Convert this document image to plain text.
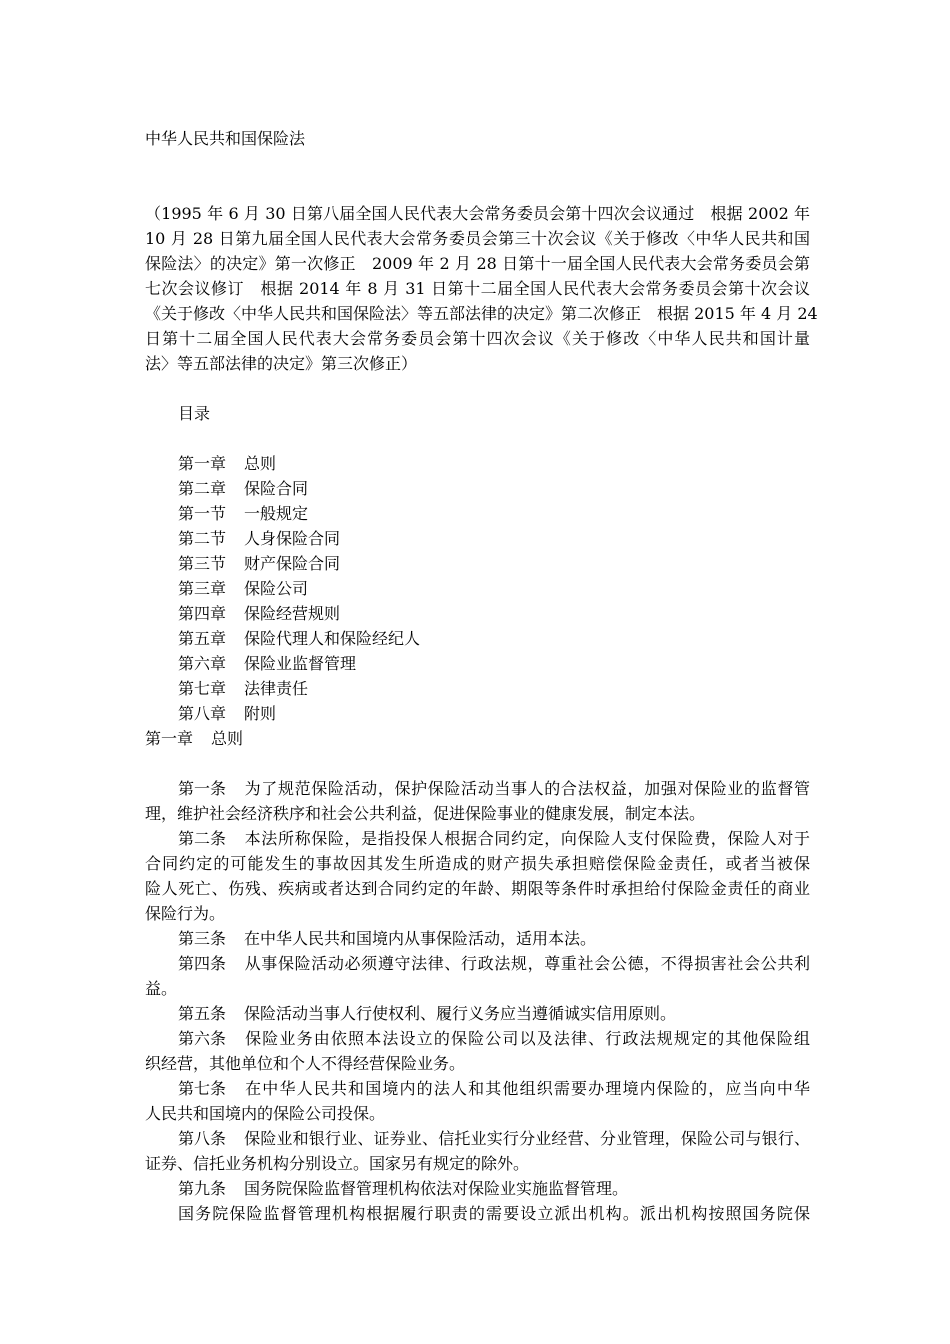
中华人民共和国保险法
（1995 年 6 月 30 日第八届全国人民代表大会常务委员会第十四次会议通过　根据 2002 年
10 月 28 日第九届全国人民代表大会常务委员会第三十次会议《关于修改〈中华人民共和国
保险法〉的决定》第一次修正　2009 年 2 月 28 日第十一届全国人民代表大会常务委员会第
七次会议修订　根据 2014 年 8 月 31 日第十二届全国人民代表大会常务委员会第十次会议
《关于修改〈中华人民共和国保险法〉等五部法律的决定》第二次修正　根据 2015 年 4 月 24
日第十二届全国人民代表大会常务委员会第十四次会议《关于修改〈中华人民共和国计量
法〉等五部法律的决定》第三次修正）
目录
第一章 总则
第二章 保险合同
第一节 一般规定
第二节 人身保险合同
第三节 财产保险合同
第三章 保险公司
第四章 保险经营规则
第五章 保险代理人和保险经纪人
第六章 保险业监督管理
第七章 法律责任
第八章 附则
第一章 总则
第一条 为了规范保险活动，保护保险活动当事人的合法权益，加强对保险业的监督管
理，维护社会经济秩序和社会公共利益，促进保险事业的健康发展，制定本法。
第二条 本法所称保险，是指投保人根据合同约定，向保险人支付保险费，保险人对于
合同约定的可能发生的事故因其发生所造成的财产损失承担赔偿保险金责任，或者当被保
险人死亡、伤残、疾病或者达到合同约定的年龄、期限等条件时承担给付保险金责任的商业
保险行为。
第三条 在中华人民共和国境内从事保险活动，适用本法。
第四条 从事保险活动必须遵守法律、行政法规，尊重社会公德，不得损害社会公共利
益。
第五条 保险活动当事人行使权利、履行义务应当遵循诚实信用原则。
第六条 保险业务由依照本法设立的保险公司以及法律、行政法规规定的其他保险组
织经营，其他单位和个人不得经营保险业务。
第七条 在中华人民共和国境内的法人和其他组织需要办理境内保险的，应当向中华
人民共和国境内的保险公司投保。
第八条 保险业和银行业、证券业、信托业实行分业经营、分业管理，保险公司与银行、
证券、信托业务机构分别设立。国家另有规定的除外。
第九条 国务院保险监督管理机构依法对保险业实施监督管理。
国务院保险监督管理机构根据履行职责的需要设立派出机构。派出机构按照国务院保
